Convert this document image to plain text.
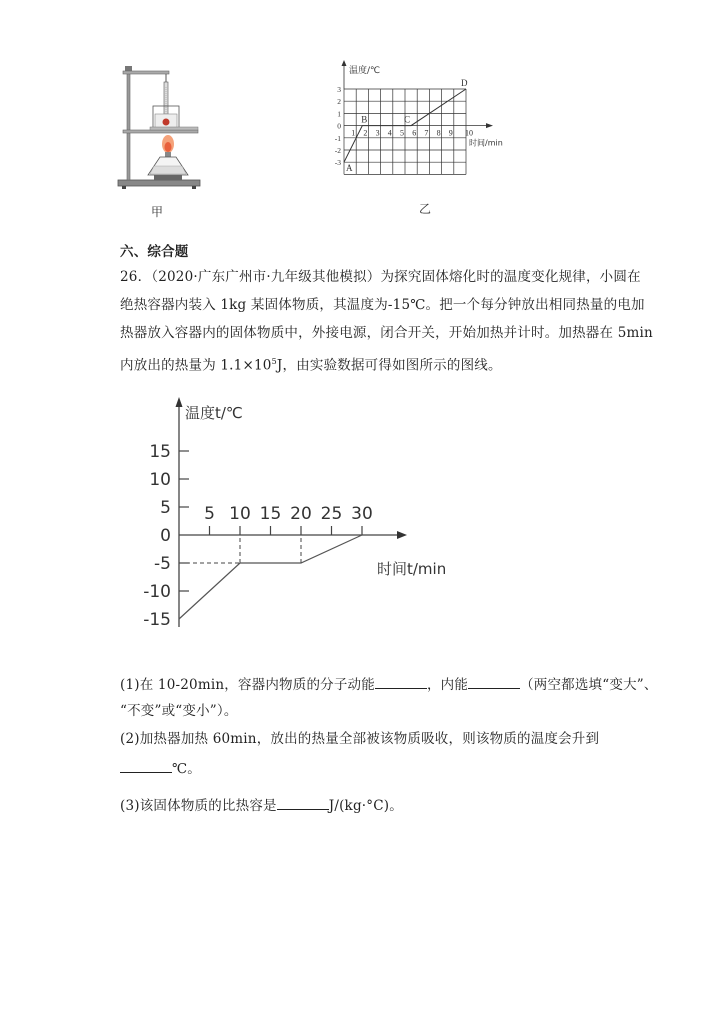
甲
温度/℃
时间/min
3
2
1
0
-1
-2
-3
1 2 3 4 5 6 7 8 9 10
A
B	C
D
乙
六、综合题
26．（2020·广东广州市·九年级其他模拟）为探究固体熔化时的温度变化规律，小圆在
绝热容器内装入 1kg 某固体物质，其温度为-15℃。把一个每分钟放出相同热量的电加
热器放入容器内的固体物质中，外接电源，闭合开关，开始加热并计时。加热器在 5min
内放出的热量为 $1.1\times 10^5J$，由实验数据可得如图所示的图线。
温度t/℃
时间t/min
15
10
5
0
-5
-10
-15
5 10 15 20 25 30
(1)在 10-20min，容器内物质的分子动能	，内能	（两空都选填“变大”、
“不变”或“变小”）。
(2)加热器加热 60min，放出的热量全部被该物质吸收，则该物质的温度会升到
℃。
(3)该固体物质的比热容是	J/(kg·°C)。
